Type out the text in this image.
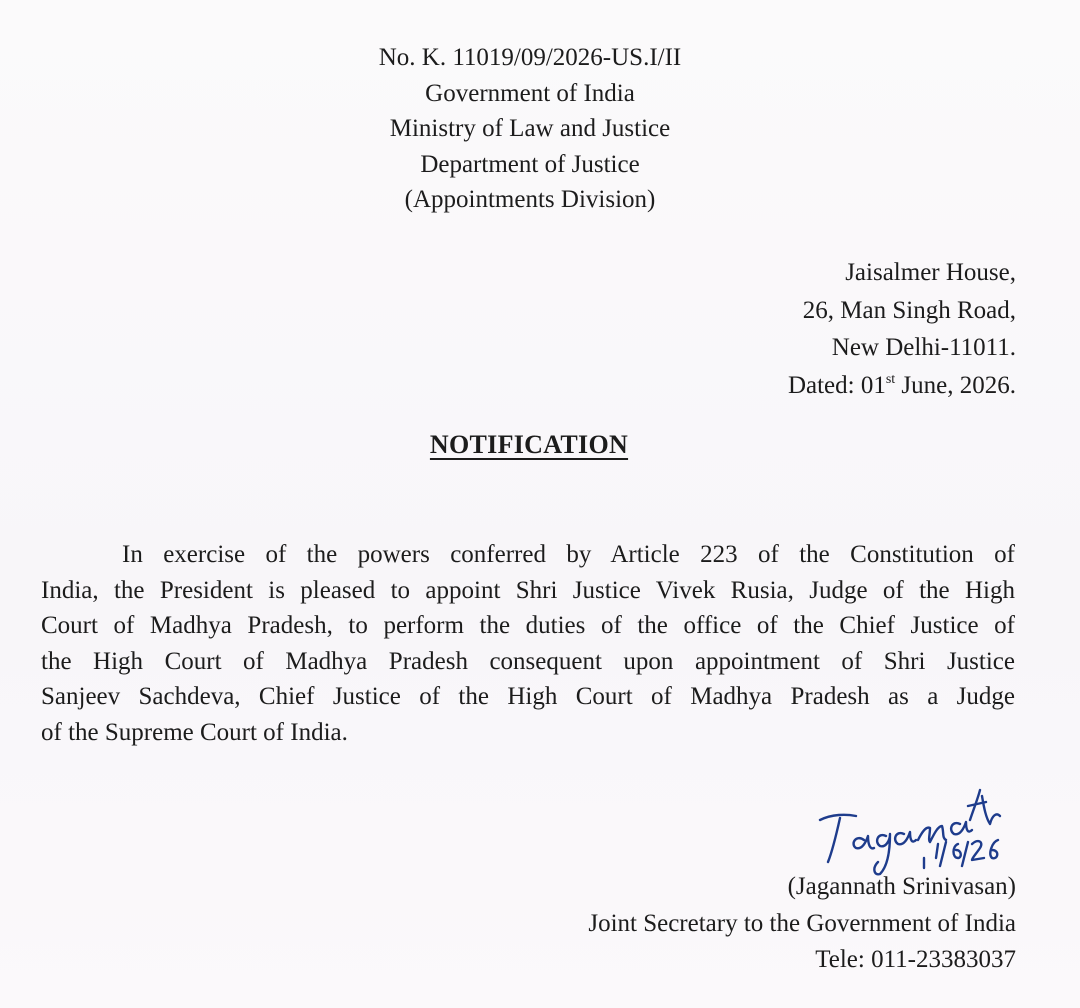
No. K. 11019/09/2026-US.I/II
Government of India
Ministry of Law and Justice
Department of Justice
(Appointments Division)
Jaisalmer House,
26, Man Singh Road,
New Delhi-11011.
Dated: 01st June, 2026.
NOTIFICATION
In exercise of the powers conferred by Article 223 of the Constitution of
India, the President is pleased to appoint Shri Justice Vivek Rusia, Judge of the High
Court of Madhya Pradesh, to perform the duties of the office of the Chief Justice of
the High Court of Madhya Pradesh consequent upon appointment of Shri Justice
Sanjeev Sachdeva, Chief Justice of the High Court of Madhya Pradesh as a Judge
of the Supreme Court of India.
(Jagannath Srinivasan)
Joint Secretary to the Government of India
Tele: 011-23383037
